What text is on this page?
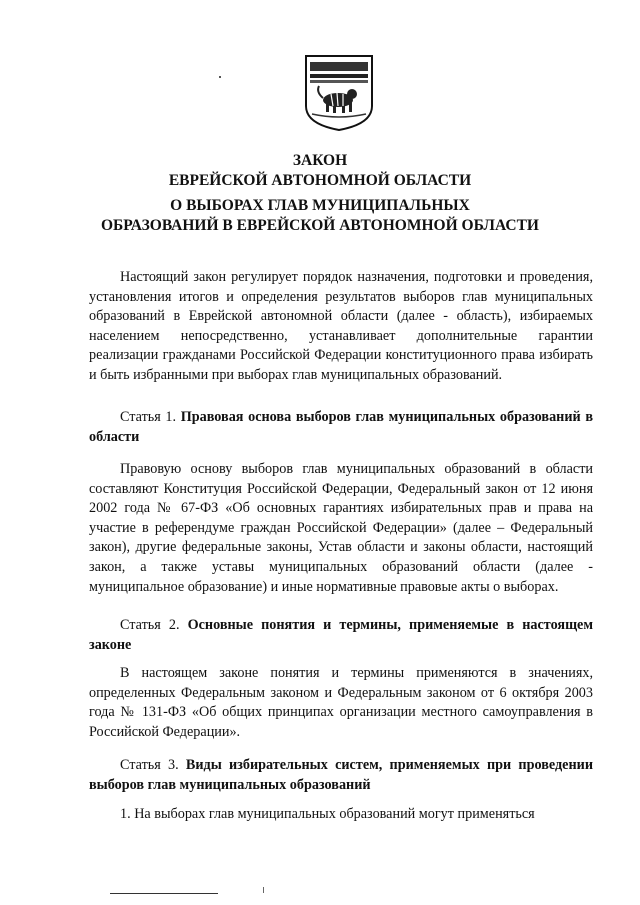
ЗАКОН
ЕВРЕЙСКОЙ АВТОНОМНОЙ ОБЛАСТИ
О ВЫБОРАХ ГЛАВ МУНИЦИПАЛЬНЫХ
ОБРАЗОВАНИЙ В ЕВРЕЙСКОЙ АВТОНОМНОЙ ОБЛАСТИ

Настоящий закон регулирует порядок назначения, подготовки и проведения, установления итогов и определения результатов выборов глав муниципальных образований в Еврейской автономной области (далее - область), избираемых населением непосредственно, устанавливает дополнительные гарантии реализации гражданами Российской Федерации конституционного права избирать и быть избранными при выборах глав муниципальных образований.

Статья 1. Правовая основа выборов глав муниципальных образований в области

Правовую основу выборов глав муниципальных образований в области составляют Конституция Российской Федерации, Федеральный закон от 12 июня 2002 года № 67-ФЗ «Об основных гарантиях избирательных прав и права на участие в референдуме граждан Российской Федерации» (далее – Федеральный закон), другие федеральные законы, Устав области и законы области, настоящий закон, а также уставы муниципальных образований области (далее - муниципальное образование) и иные нормативные правовые акты о выборах.

Статья 2. Основные понятия и термины, применяемые в настоящем законе

В настоящем законе понятия и термины применяются в значениях, определенных Федеральным законом и Федеральным законом от 6 октября 2003 года № 131-ФЗ «Об общих принципах организации местного самоуправления в Российской Федерации».

Статья 3. Виды избирательных систем, применяемых при проведении выборов глав муниципальных образований

1. На выборах глав муниципальных образований могут применяться
